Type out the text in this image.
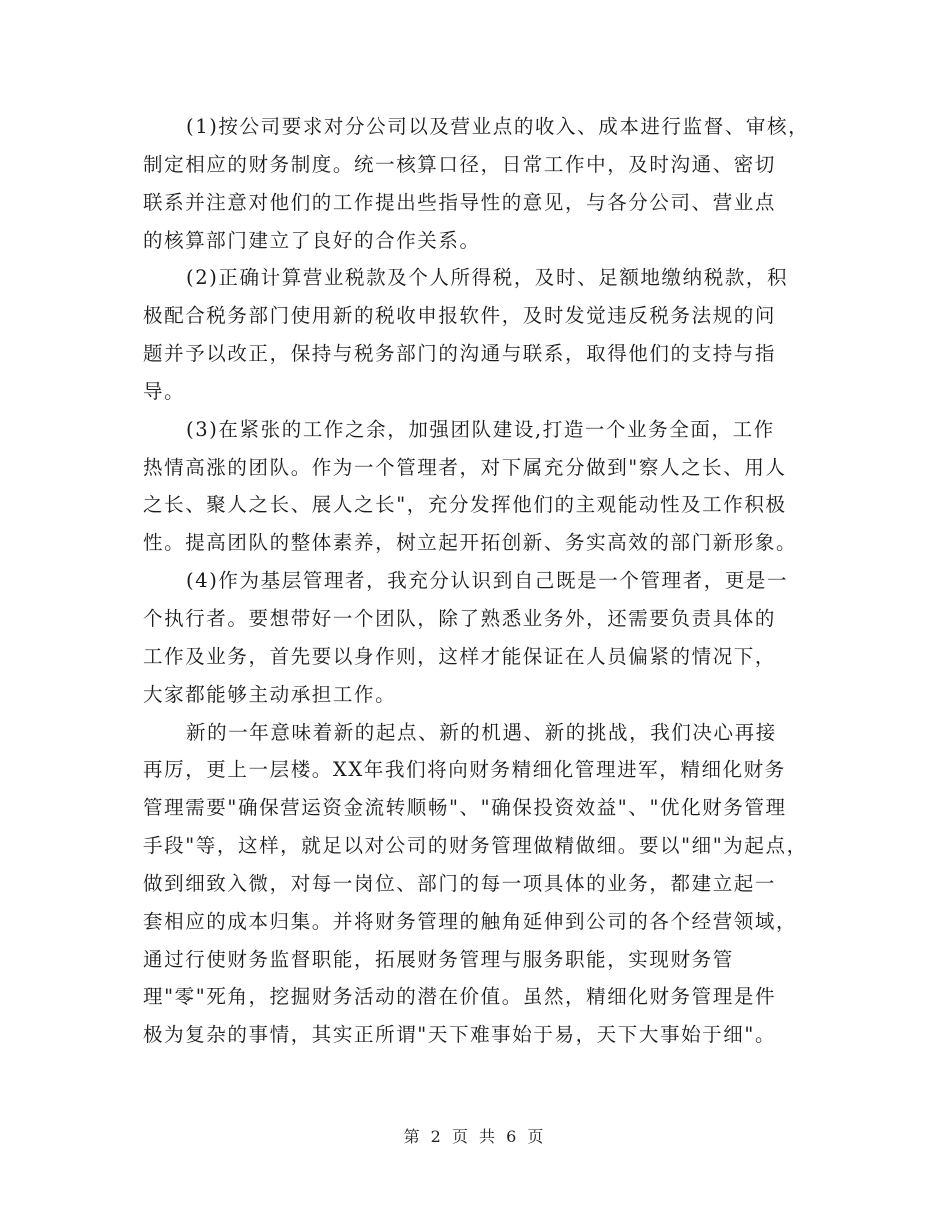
(1)按公司要求对分公司以及营业点的收入、成本进行监督、审核，
制定相应的财务制度。统一核算口径，日常工作中，及时沟通、密切
联系并注意对他们的工作提出些指导性的意见，与各分公司、营业点
的核算部门建立了良好的合作关系。
(2)正确计算营业税款及个人所得税，及时、足额地缴纳税款，积
极配合税务部门使用新的税收申报软件，及时发觉违反税务法规的问
题并予以改正，保持与税务部门的沟通与联系，取得他们的支持与指
导。
(3)在紧张的工作之余，加强团队建设,打造一个业务全面，工作
热情高涨的团队。作为一个管理者，对下属充分做到"察人之长、用人
之长、聚人之长、展人之长"，充分发挥他们的主观能动性及工作积极
性。提高团队的整体素养，树立起开拓创新、务实高效的部门新形象。
(4)作为基层管理者，我充分认识到自己既是一个管理者，更是一
个执行者。要想带好一个团队，除了熟悉业务外，还需要负责具体的
工作及业务，首先要以身作则，这样才能保证在人员偏紧的情况下，
大家都能够主动承担工作。
新的一年意味着新的起点、新的机遇、新的挑战，我们决心再接
再厉，更上一层楼。XX年我们将向财务精细化管理进军，精细化财务
管理需要"确保营运资金流转顺畅"、"确保投资效益"、"优化财务管理
手段"等，这样，就足以对公司的财务管理做精做细。要以"细"为起点，
做到细致入微，对每一岗位、部门的每一项具体的业务，都建立起一
套相应的成本归集。并将财务管理的触角延伸到公司的各个经营领域，
通过行使财务监督职能，拓展财务管理与服务职能，实现财务管
理"零"死角，挖掘财务活动的潜在价值。虽然，精细化财务管理是件
极为复杂的事情，其实正所谓"天下难事始于易，天下大事始于细"。
第 2 页 共 6 页
